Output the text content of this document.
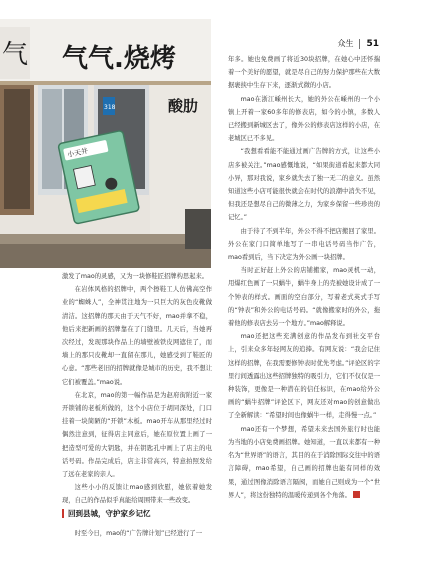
众生 51
气 气气.烧烤
318	酸肋
小天井

激发了mao的灵感，又为一块修鞋匠招牌构思起来。

在岩体风格的招牌中，两个擦鞋工人仿佛高空作业的“蜘蛛人”，全神贯注地为一只巨大的灰色皮靴做清洁。这招牌的那天由于天气不好，mao并拿不稳，他后来把新画的招牌靠在了门缝里。几天后，当她再次经过，发现那块作品上的墙壁被铁皮网遮住了，而墙上的那只皮靴却一直留在那儿，她感受到了鞋匠的心意。“那些老旧的招牌就像是城市的历史，我不想让它们被覆盖。”mao说。

在北京，mao的第一幅作品是为赵府街附近一家开锁铺的老板所做的，这个小店位于胡同深处，门口挂着一块简陋的“开锁”木板。mao开车从那里经过时偶然注意到，征得店主同意后，她在原位置上画了一把造型可爱的大钥匙，并在钥匙孔中画上了店主的电话号码。作品完成后，店主非常高兴，特意拍照发给了远在老家的亲人。

这些小小的反馈让mao感到欣慰，她依着她发现，自己的作品似乎真能给周围带来一些改变。

回到县城，守护家乡记忆

时至今日，mao的“广告牌计划”已经进行了一

年多。她也免费画了将近30块招牌，在她心中还怀揣着一个美好的愿望，就是尽自己的努力保护那些在大数据裹挟中生存下来，逐渐式微的小店。

mao在浙江嵊州长大，她的外公在嵊州的一个小镇上开着一家60多年的修表店，如今的小镇，多数人已经搬到新城区去了，像外公的修表店这样的小店，在老城区已不多见。

“我想看看能不能通过画广告牌的方式，让这些小店多被关注。”mao感慨地说，“如果街道看起来都大同小异，那对我说，家乡就失去了独一无二的意义。虽然知道这些小店可能很快就会在时代的浪潮中消失不见，但我还是想尽自己的微薄之力，为家乡保留一些珍贵的记忆。”

由于待了不到半年，外公不得不把店搬回了家里。外公在家门口简单地写了一串电话号码当作广告，mao看到后，当下决定为外公画一块招牌。

当时正好赶上外公的店铺搬家，mao灵机一动，用爆红色画了一只蜗牛，蜗牛身上的壳被她设计成了一个钟表的样式。画面的空白部分，写着老式英式手写的“钟表”和外公的电话号码。“就像搬家时的外公，拖着他的修表店去另一个地方。”mao解释说。

mao还把这些充满创意的作品发布到社交平台上，引来众多年轻网友的追捧。有网友说：“我会记住这样的招牌，在我需要修钟表时优先考虑。”评论区的字里行间透露出这些招牌独特的吸引力，它们不仅仅是一种装饰，更像是一种潜在的信任标识，在mao给外公画的“蜗牛招牌”评论区下，网友还对mao的创意做出了全新解读：“希望时间也像蜗牛一样，走得慢一点。”

mao还有一个梦想，希望未来去国外旅行时也能为当地的小店免费画招牌。她知道，一直以来都有一种名为“世界语”的语言，其目的在于消除国际交往中的语言障碍，mao希望，自己画的招牌也能有同样的效果，通过图像消除语言隔阂，而她自己则成为一个“世界人”，将这份独特的温暖传递到各个角落。	E
